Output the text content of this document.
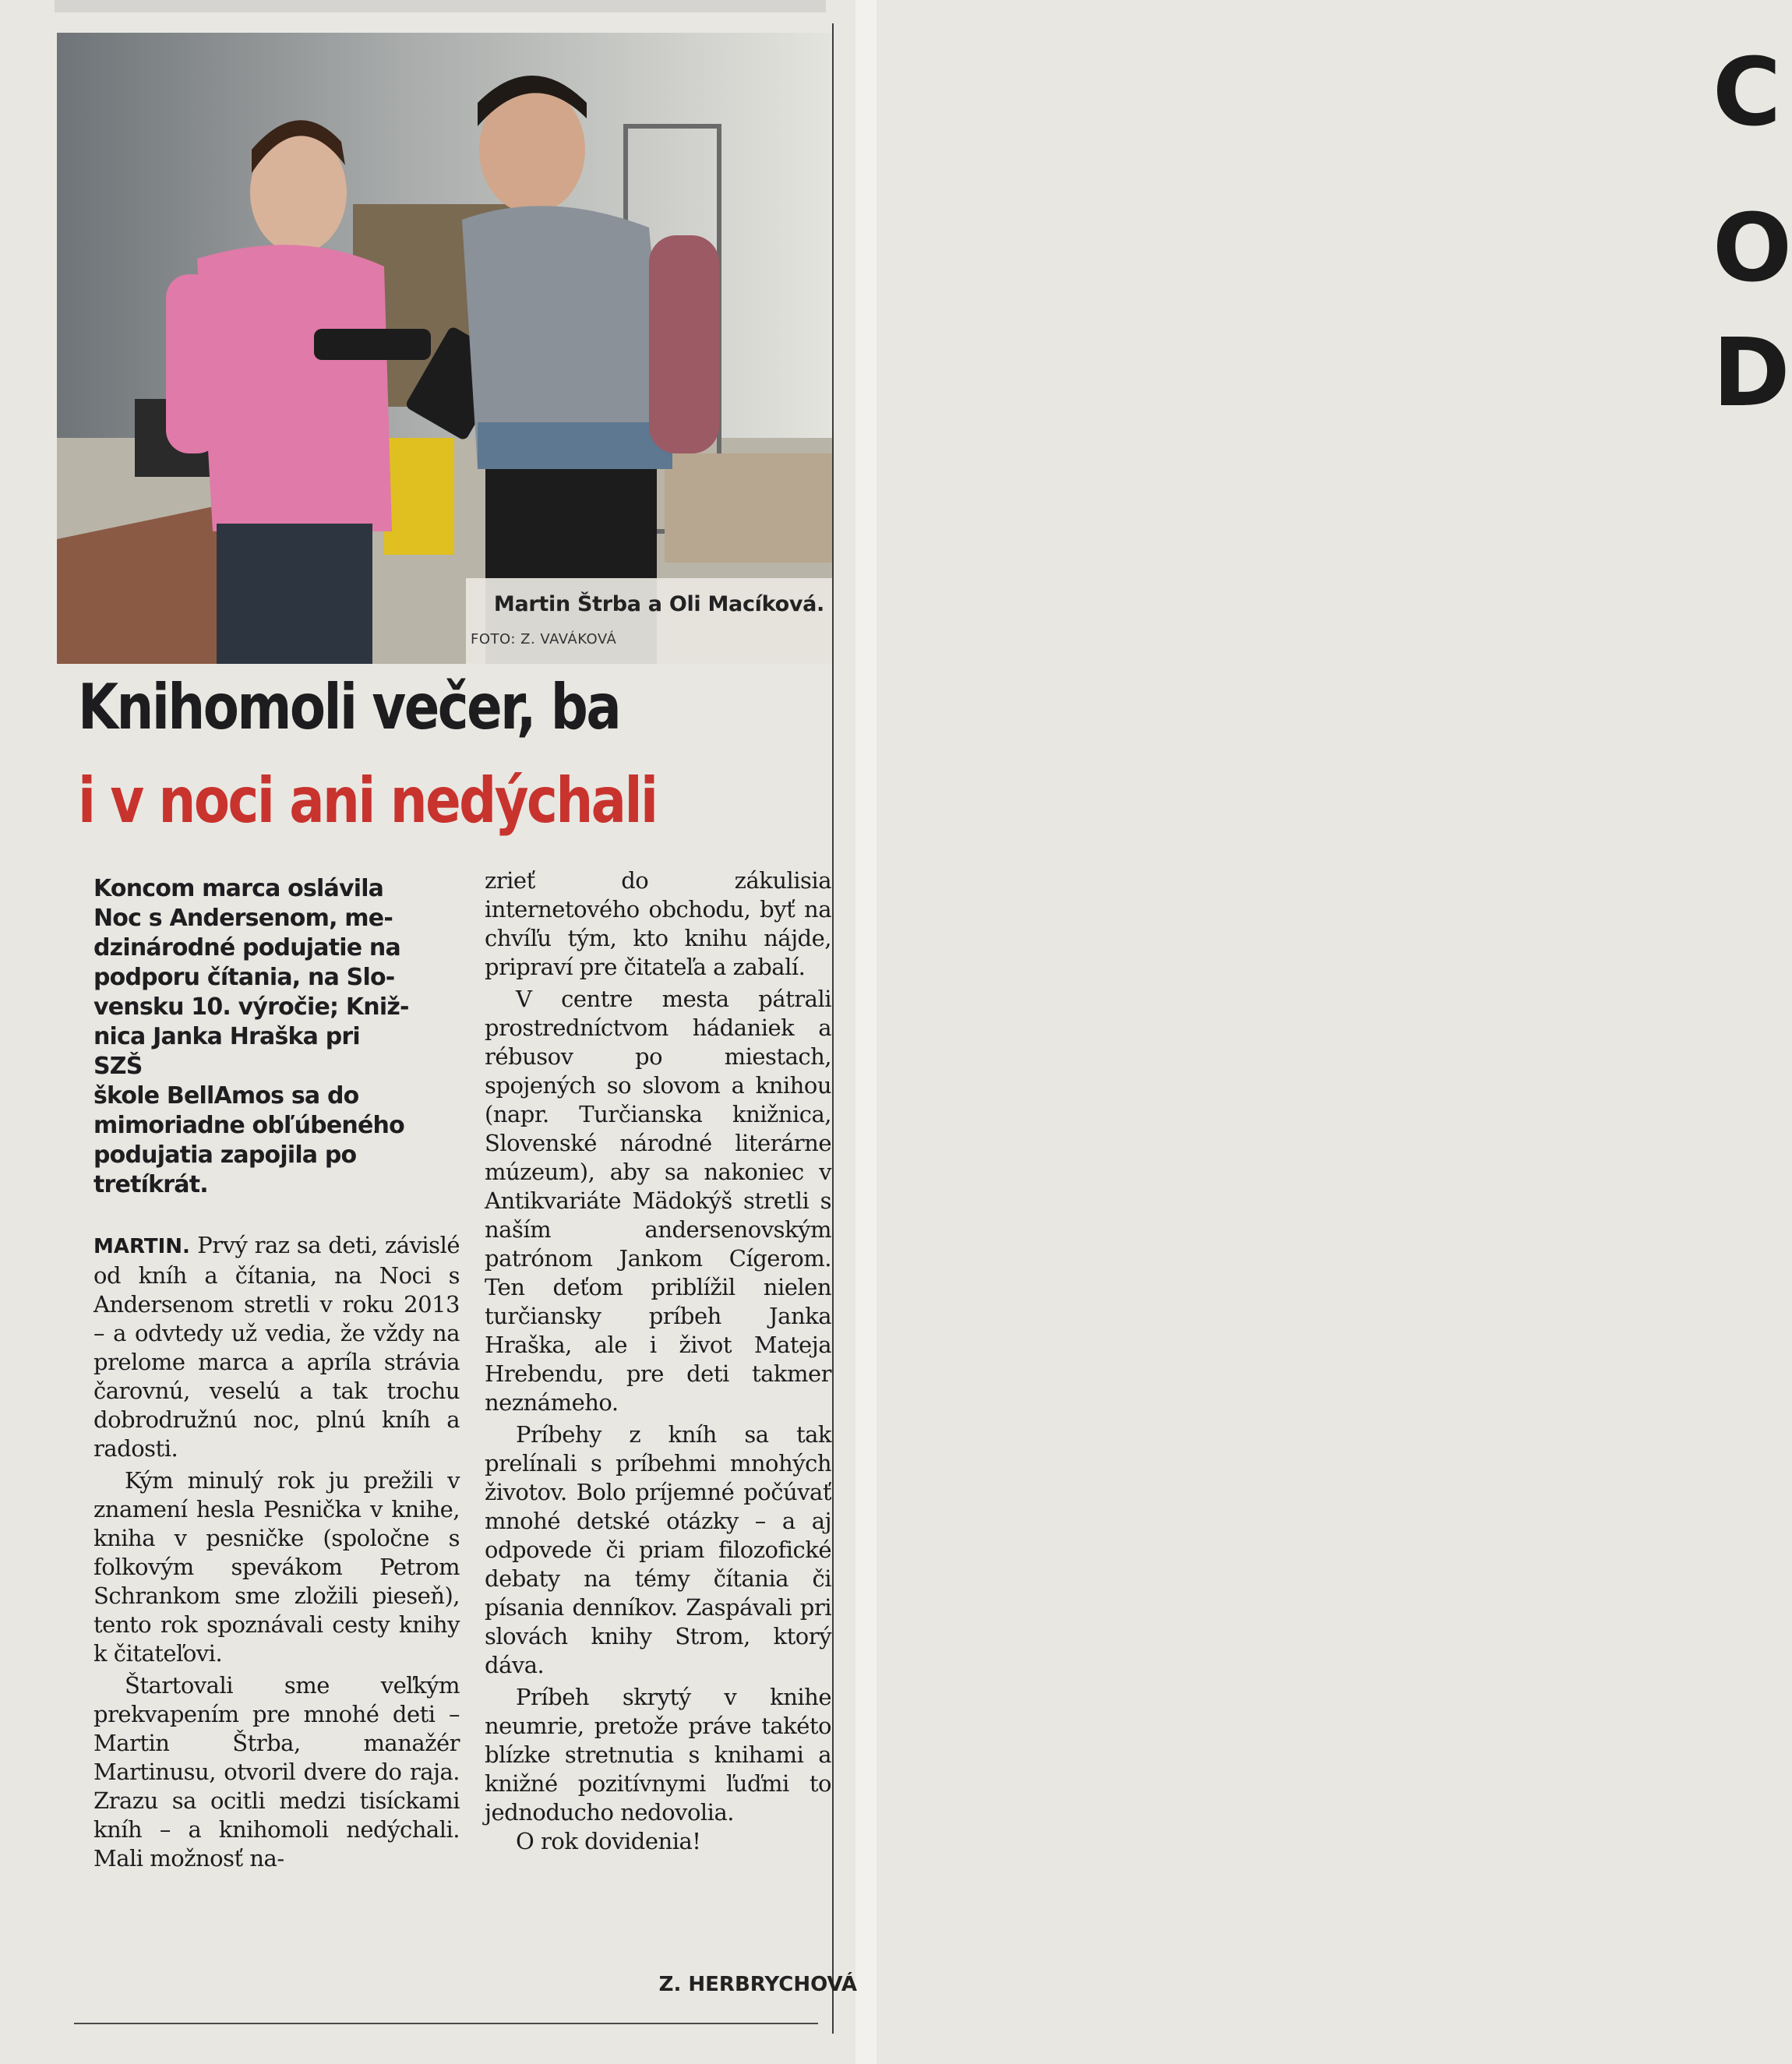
C
O
D
Martin Štrba a Oli Macíková.
FOTO: Z. VAVÁKOVÁ
Knihomoli večer, ba
i v noci ani nedýchali

Koncom marca oslávila

Noc s Andersenom, me-

dzinárodné podujatie na

podporu čítania, na Slo-

vensku 10. výročie; Kniž-

nica Janka Hraška pri SZŠ

škole BellAmos sa do

mimoriadne obľúbeného

podujatia zapojila po

tretíkrát.

MARTIN. Prvý raz sa deti, závislé od kníh a čítania, na Noci s Andersenom stretli v roku 2013 – a odvtedy už vedia, že vždy na prelome marca a apríla strávia čarovnú, veselú a tak trochu dobrodružnú noc, plnú kníh a radosti.

Kým minulý rok ju prežili v znamení hesla Pesnička v knihe, kniha v pesničke (spoločne s folkovým spevákom Petrom Schrankom sme zložili pieseň), tento rok spoznávali cesty knihy k čitateľovi.

Štartovali sme veľkým prekvapením pre mnohé deti – Martin Štrba, manažér Martinusu, otvoril dvere do raja. Zrazu sa ocitli medzi tisíckami kníh – a knihomoli nedýchali. Mali možnosť na-

zrieť do zákulisia internetového obchodu, byť na chvíľu tým, kto knihu nájde, pripraví pre čitateľa a zabalí.

V centre mesta pátrali prostredníctvom hádaniek a rébusov po miestach, spojených so slovom a knihou (napr. Turčianska knižnica, Slovenské národné literárne múzeum), aby sa nakoniec v Antikvariáte Mädokýš stretli s naším andersenovským patrónom Jankom Cígerom. Ten deťom priblížil nielen turčiansky príbeh Janka Hraška, ale i život Mateja Hrebendu, pre deti takmer neznámeho.

Príbehy z kníh sa tak prelínali s príbehmi mnohých životov. Bolo príjemné počúvať mnohé detské otázky – a aj odpovede či priam filozofické debaty na témy čítania či písania denníkov. Zaspávali pri slovách knihy Strom, ktorý dáva.

Príbeh skrytý v knihe neumrie, pretože práve takéto blízke stretnutia s knihami a knižné pozitívnymi ľuďmi to jednoducho nedovolia.

O rok dovidenia!

Z. HERBRYCHOVÁ
